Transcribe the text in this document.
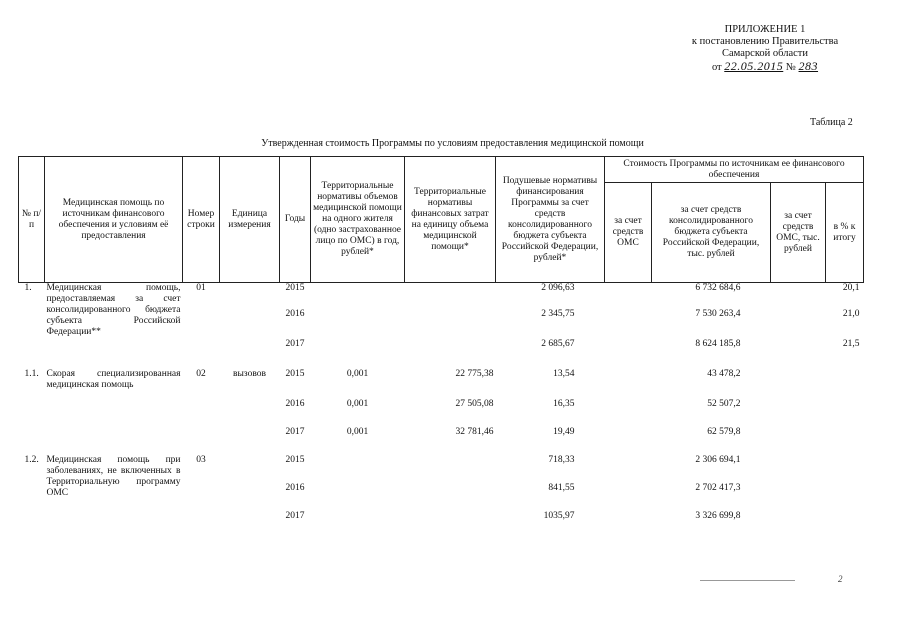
ПРИЛОЖЕНИЕ 1
к постановлению Правительства
Самарской области
от 22.05.2015 № 283
Таблица 2
Утвержденная стоимость Программы по условиям предоставления медицинской помощи
№ п/п	Медицинская помощь по источникам финансового обеспечения и условиям её предоставления	Номер строки	Единица измерения	Годы	Территориальные нормативы объемов медицинской помощи на одного жителя (одно застрахованное лицо по ОМС) в год, рублей*	Территориальные нормативы финансовых затрат на единицу объема медицинской помощи*	Подушевые нормативы финансирования Программы за счет средств консолидированного бюджета субъекта Российской Федерации, рублей*	Стоимость Программы по источникам ее финансового обеспечения			
								за счет средств ОМС	за счет средств консолидированного бюджета субъекта Российской Федерации, тыс. рублей	за счет средств ОМС, тыс. рублей	в % к итогу
1.	Медицинская помощь, предоставляемая за счет консолидированного бюджета субъекта Российской Федерации**	01		2015			2 096,63		6 732 684,6		20,1
				2016			2 345,75		7 530 263,4		21,0
				2017			2 685,67		8 624 185,8		21,5
1.1.	Скорая специализированная медицинская помощь	02	вызовов	2015	0,001	22 775,38	13,54		43 478,2		
				2016	0,001	27 505,08	16,35		52 507,2		
				2017	0,001	32 781,46	19,49		62 579,8		
1.2.	Медицинская помощь при заболеваниях, не включенных в Территориальную программу ОМС	03		2015			718,33		2 306 694,1		
				2016			841,55		2 702 417,3		
				2017			1035,97		3 326 699,8		
2
